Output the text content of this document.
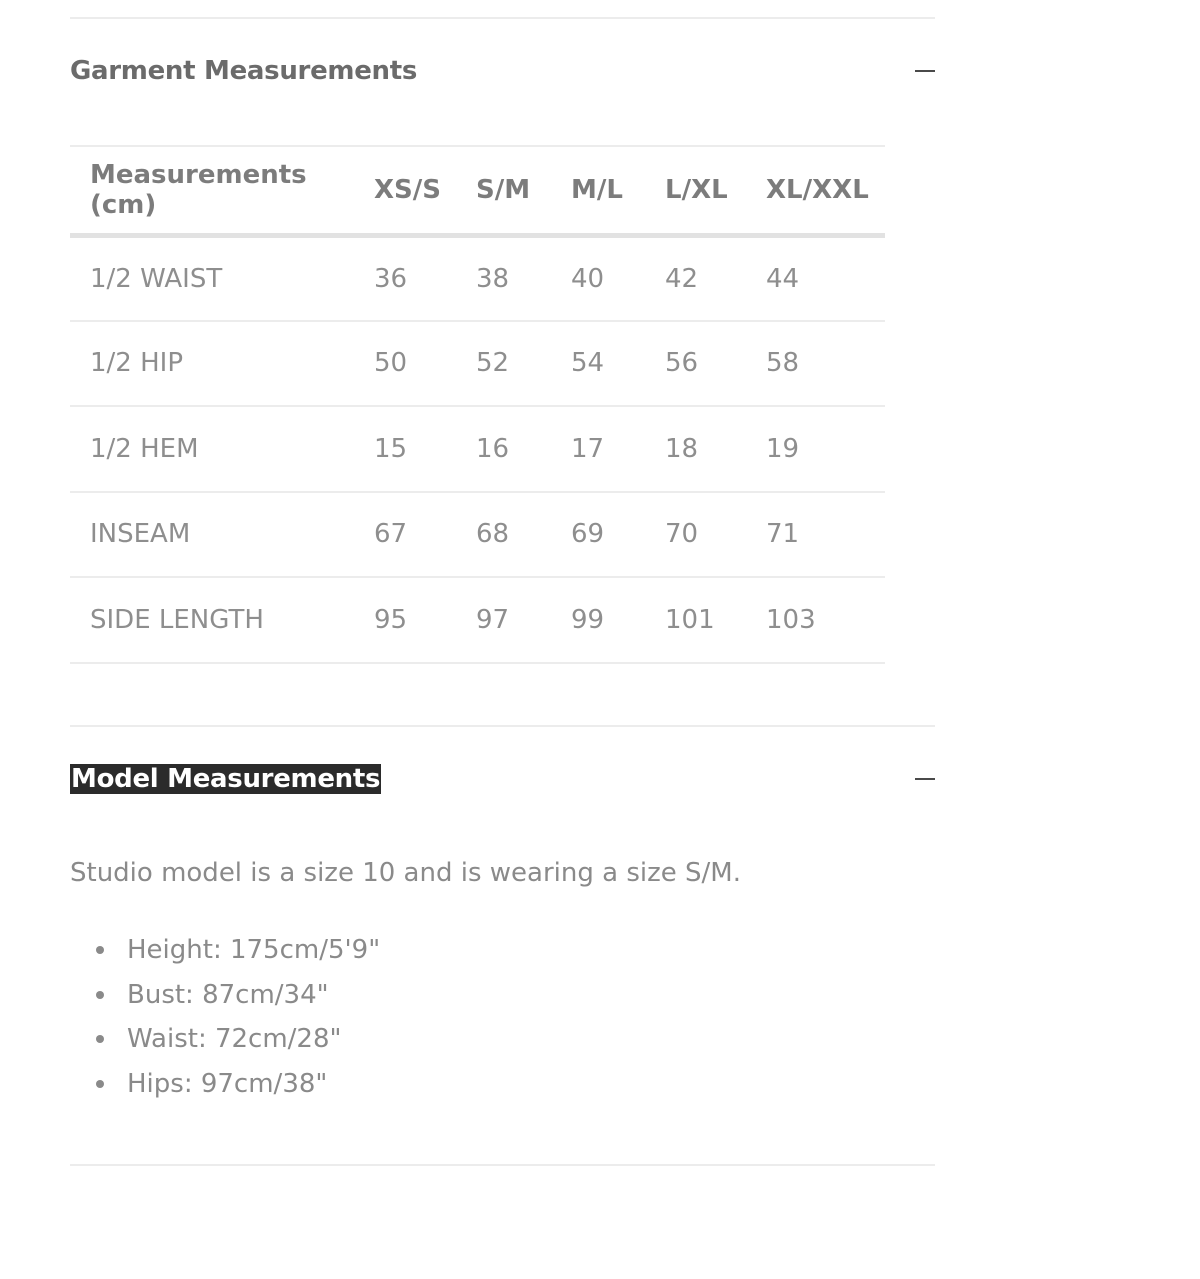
Garment Measurements
Measurements (cm)	XS/S	S/M	M/L	L/XL	XL/XXL
1/2 WAIST	36	38	40	42	44
1/2 HIP	50	52	54	56	58
1/2 HEM	15	16	17	18	19
INSEAM	67	68	69	70	71
SIDE LENGTH	95	97	99	101	103
Model Measurements

Studio model is a size 10 and is wearing a size S/M.

Height: 175cm/5'9"
Bust: 87cm/34"
Waist: 72cm/28"
Hips: 97cm/38"
